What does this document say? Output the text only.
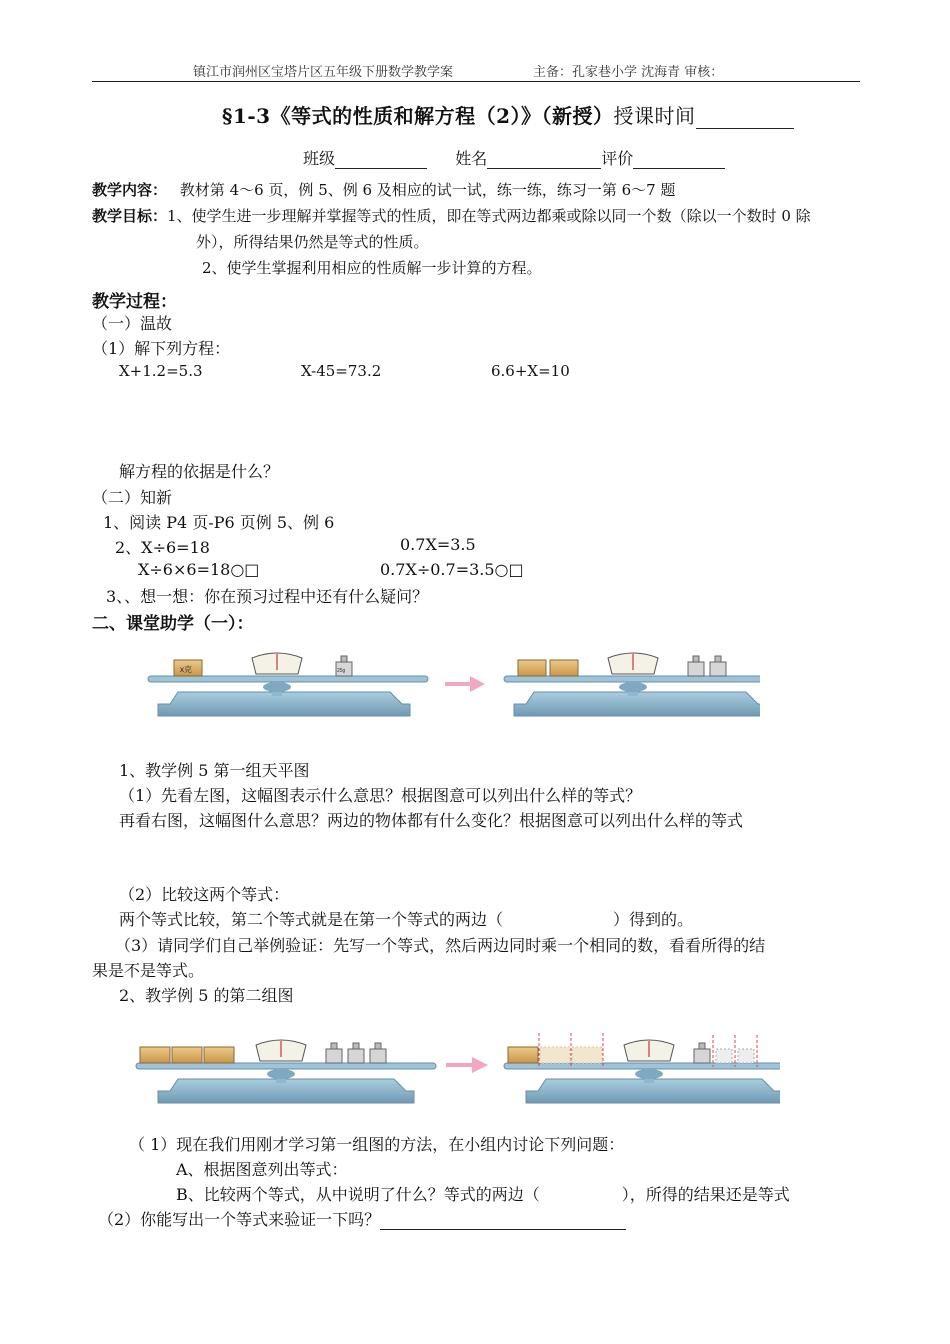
镇江市润州区宝塔片区五年级下册数学教学案	主备：孔家巷小学 沈海青 审核：
§1-3《等式的性质和解方程（2）》（新授）授课时间
班级	姓名	评价
教学内容： 教材第 4～6 页，例 5、例 6 及相应的试一试，练一练，练习一第 6～7 题
教学目标：1、使学生进一步理解并掌握等式的性质，即在等式两边都乘或除以同一个数（除以一个数时 0 除
外），所得结果仍然是等式的性质。
2、使学生掌握利用相应的性质解一步计算的方程。
教学过程：
（一）温故
（1）解下列方程：
X+1.2=5.3	X-45=73.2	6.6+X=10
解方程的依据是什么？
（二）知新
1、阅读 P4 页-P6 页例 5、例 6
2、X÷6=18	0.7X=3.5
X÷6×6=18○□	0.7X÷0.7=3.5○□
3、、想一想：你在预习过程中还有什么疑问？
二、课堂助学（一）：
x克	25g
1、教学例 5 第一组天平图
（1）先看左图，这幅图表示什么意思？根据图意可以列出什么样的等式？
再看右图，这幅图什么意思？两边的物体都有什么变化？根据图意可以列出什么样的等式
（2）比较这两个等式：
两个等式比较，第二个等式就是在第一个等式的两边（	）得到的。
（3）请同学们自己举例验证：先写一个等式，然后两边同时乘一个相同的数，看看所得的结
果是不是等式。
2、教学例 5 的第二组图
（ 1）现在我们用刚才学习第一组图的方法，在小组内讨论下列问题：
A、根据图意列出等式：
B、比较两个等式，从中说明了什么？等式的两边（	），所得的结果还是等式
（2）你能写出一个等式来验证一下吗？
